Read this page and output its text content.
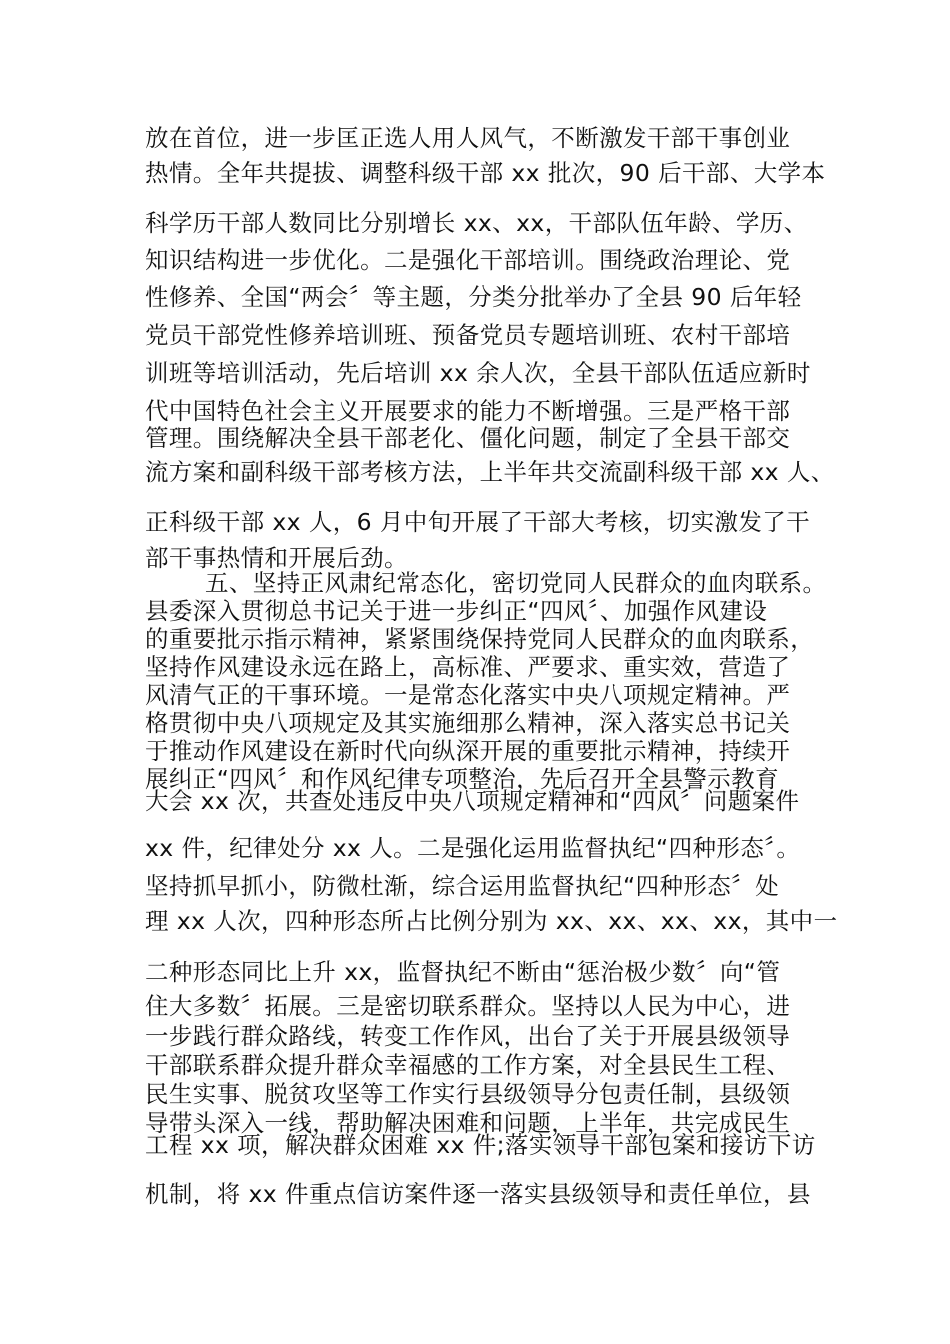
放在首位，进一步匡正选人用人风气，不断激发干部干事创业
热情。全年共提拔、调整科级干部 xx 批次，90 后干部、大学本
科学历干部人数同比分别增长 xx、xx，干部队伍年龄、学历、
知识结构进一步优化。二是强化干部培训。围绕政治理论、党
性修养、全国“两会〞等主题，分类分批举办了全县 90 后年轻
党员干部党性修养培训班、预备党员专题培训班、农村干部培
训班等培训活动，先后培训 xx 余人次，全县干部队伍适应新时
代中国特色社会主义开展要求的能力不断增强。三是严格干部
管理。围绕解决全县干部老化、僵化问题，制定了全县干部交
流方案和副科级干部考核方法，上半年共交流副科级干部 xx 人、
正科级干部 xx 人，6 月中旬开展了干部大考核，切实激发了干
部干事热情和开展后劲。
五、坚持正风肃纪常态化，密切党同人民群众的血肉联系。
县委深入贯彻总书记关于进一步纠正“四风〞、加强作风建设
的重要批示指示精神，紧紧围绕保持党同人民群众的血肉联系，
坚持作风建设永远在路上，高标准、严要求、重实效，营造了
风清气正的干事环境。一是常态化落实中央八项规定精神。严
格贯彻中央八项规定及其实施细那么精神，深入落实总书记关
于推动作风建设在新时代向纵深开展的重要批示精神，持续开
展纠正“四风〞和作风纪律专项整治，先后召开全县警示教育
大会 xx 次，共查处违反中央八项规定精神和“四风〞问题案件
xx 件，纪律处分 xx 人。二是强化运用监督执纪“四种形态〞。
坚持抓早抓小，防微杜渐，综合运用监督执纪“四种形态〞处
理 xx 人次，四种形态所占比例分别为 xx、xx、xx、xx，其中一
二种形态同比上升 xx，监督执纪不断由“惩治极少数〞向“管
住大多数〞拓展。三是密切联系群众。坚持以人民为中心，进
一步践行群众路线，转变工作作风，出台了关于开展县级领导
干部联系群众提升群众幸福感的工作方案，对全县民生工程、
民生实事、脱贫攻坚等工作实行县级领导分包责任制，县级领
导带头深入一线，帮助解决困难和问题，上半年，共完成民生
工程 xx 项，解决群众困难 xx 件;落实领导干部包案和接访下访
机制，将 xx 件重点信访案件逐一落实县级领导和责任单位，县
